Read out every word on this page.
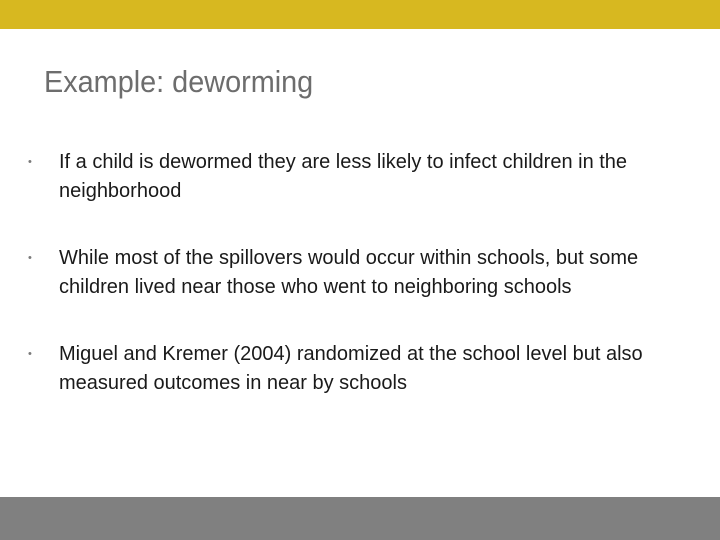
Example: deworming
• If a child is dewormed they are less likely to infect children in the neighborhood
• While most of the spillovers would occur within schools, but some children lived near those who went to neighboring schools
• Miguel and Kremer (2004) randomized at the school level but also measured outcomes in near by schools
